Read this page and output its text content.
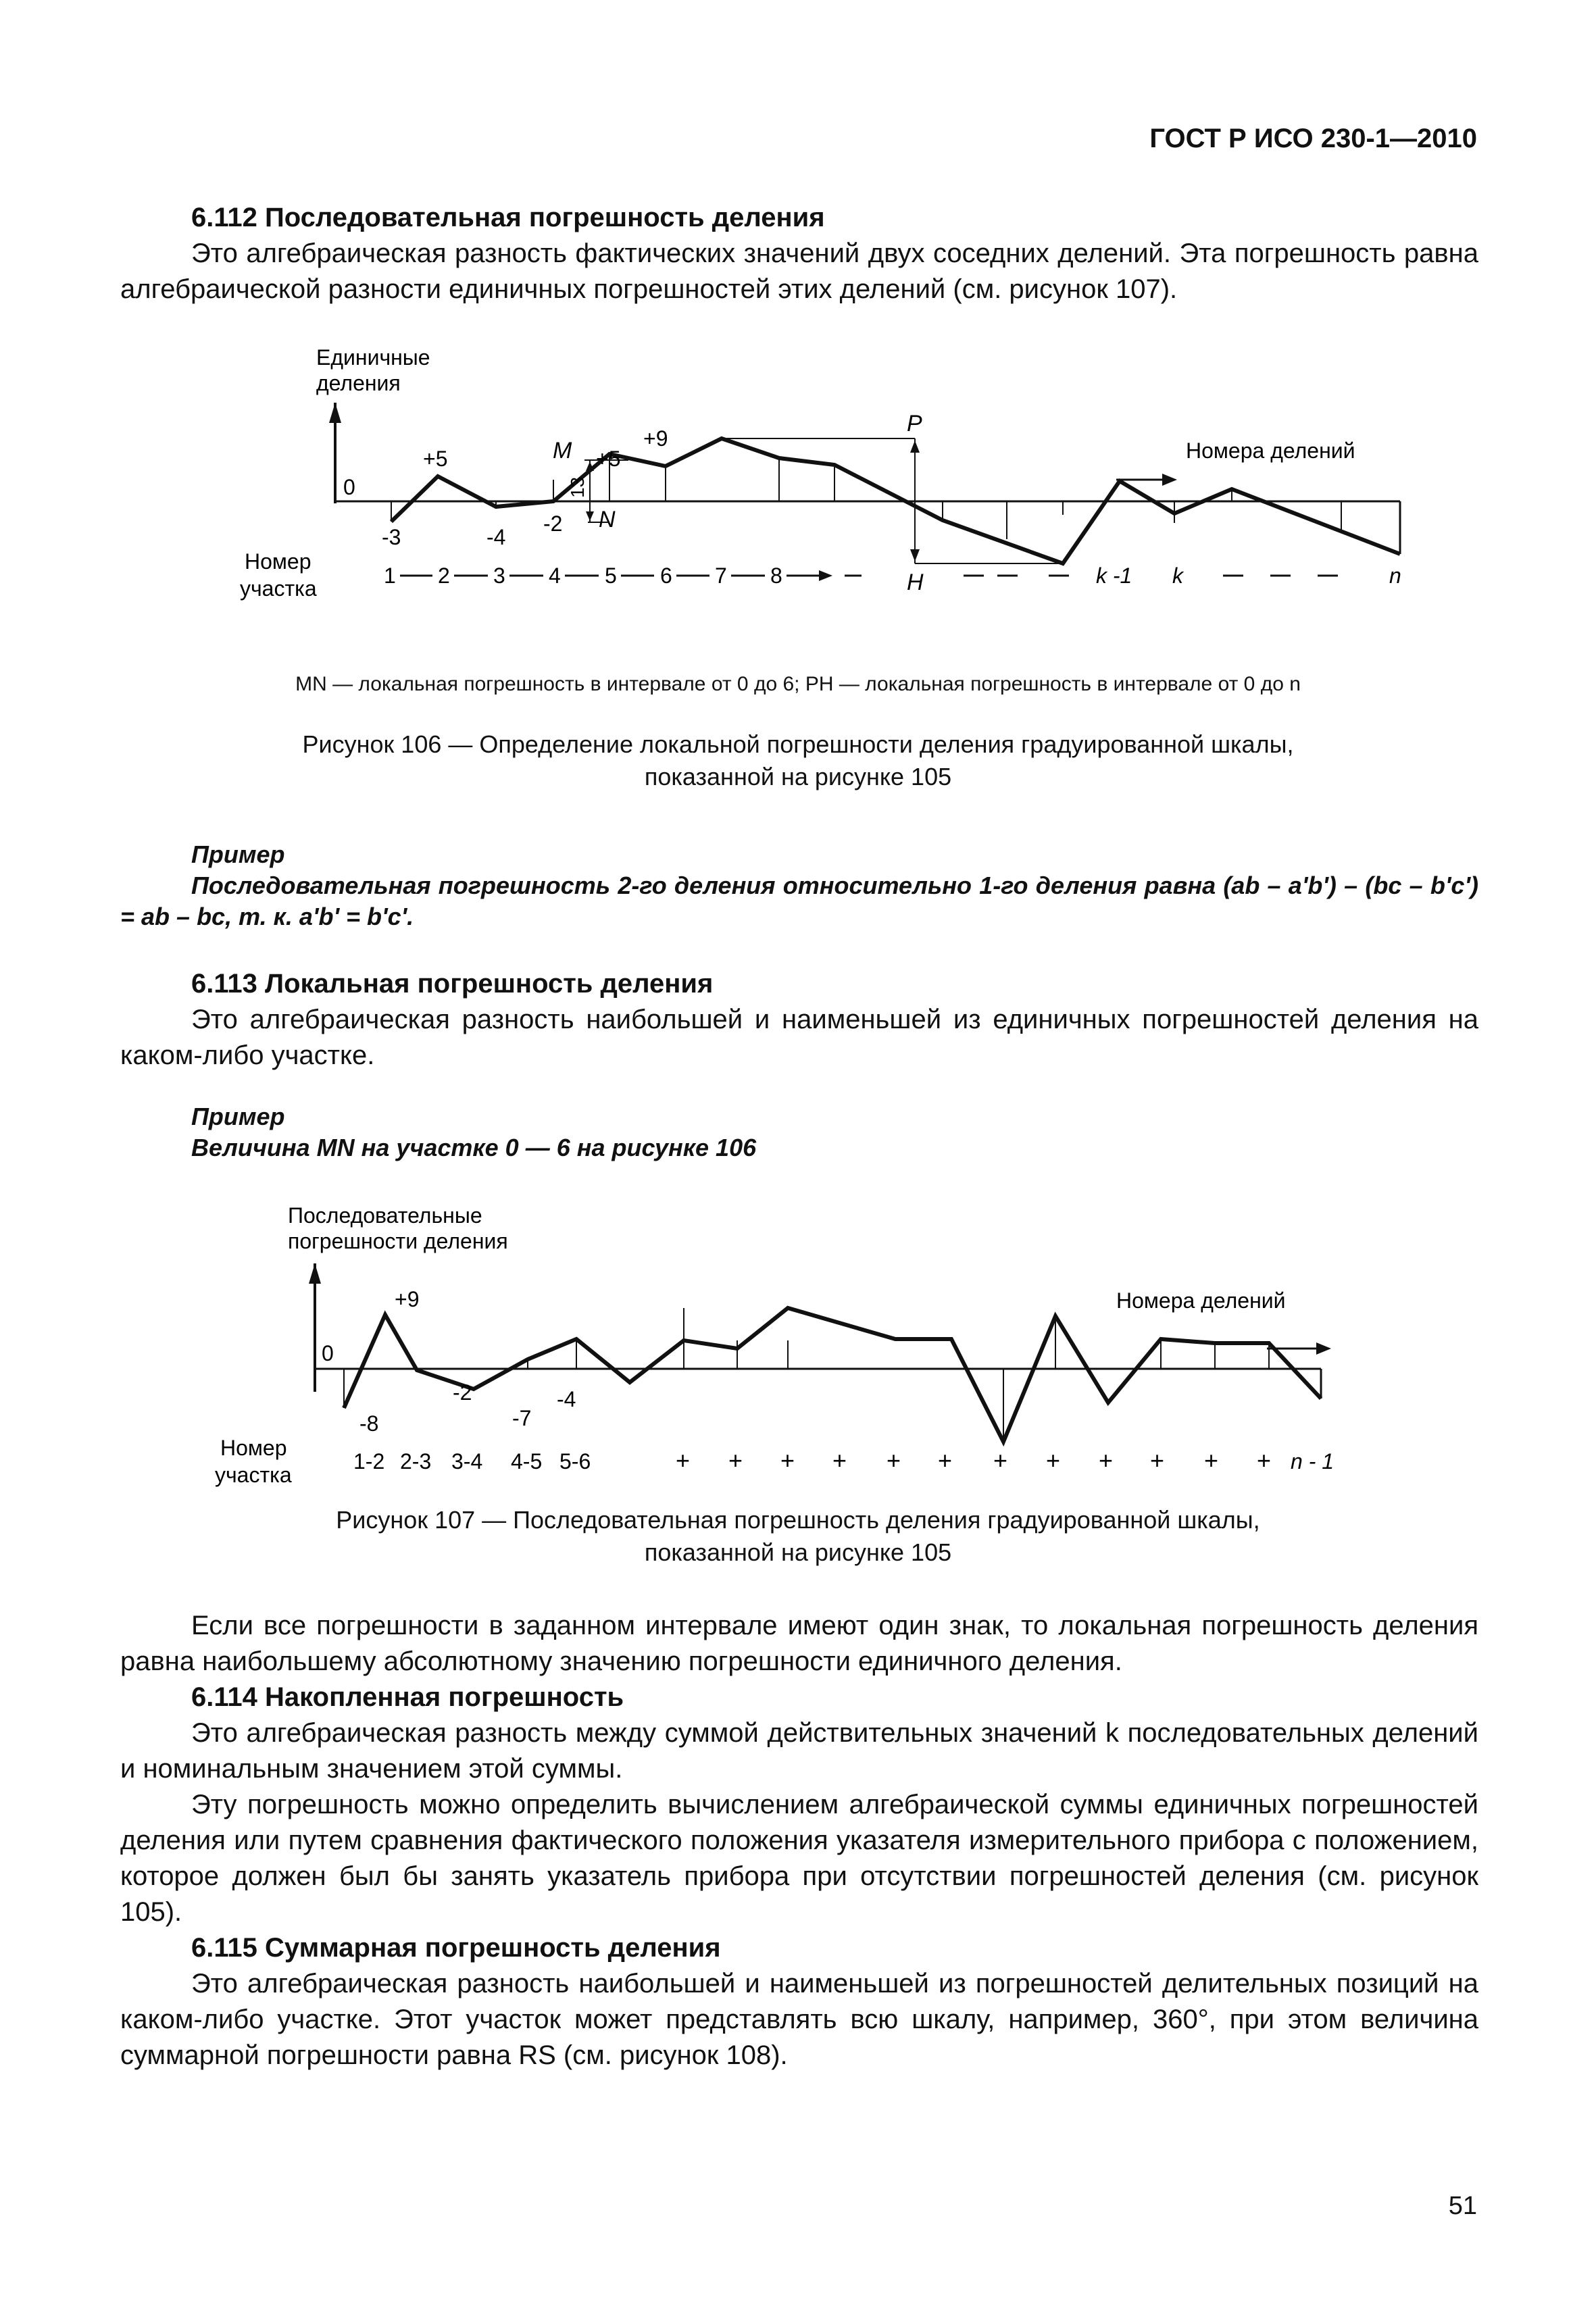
ГОСТ Р ИСО 230-1—2010
6.112 Последовательная погрешность деления

Это алгебраическая разность фактических значений двух соседних делений. Эта погрешность равна алгебраической разности единичных погрешностей этих делений (см. рисунок 107).

Единичные
деления
0
+5
-3	-4
-2
+5
+9
13
M
N
P
H
Номера делений
Номер
участка
1 2 3 4 5 6 7 8	k -1 k	n
MN — локальная погрешность в интервале от 0 до 6; PH — локальная погрешность в интервале от 0 до n
Рисунок 106 — Определение локальной погрешности деления градуированной шкалы,
показанной на рисунке 105
Пример
Последовательная погрешность 2-го деления относительно 1-го деления равна (ab – a'b') – (bc – b'c') = ab – bc, т. к. a'b' = b'c'.
6.113 Локальная погрешность деления

Это алгебраическая разность наибольшей и наименьшей из единичных погрешностей деления на каком-либо участке.

Пример
Величина MN на участке 0 — 6 на рисунке 106
Последовательные
погрешности деления
0
Номера делений
+9
-8
-2
-7
-4
Номер
участка
1-2 2-3 3-4 4-5 5-6	+ + + + + + + + + + + + n - 1
Рисунок 107 — Последовательная погрешность деления градуированной шкалы,
показанной на рисунке 105

Если все погрешности в заданном интервале имеют один знак, то локальная погрешность деления равна наибольшему абсолютному значению погрешности единичного деления.

6.114 Накопленная погрешность

Это алгебраическая разность между суммой действительных значений k последовательных делений и номинальным значением этой суммы.

Эту погрешность можно определить вычислением алгебраической суммы единичных погрешностей деления или путем сравнения фактического положения указателя измерительного прибора с положением, которое должен был бы занять указатель прибора при отсутствии погрешностей деления (см. рисунок 105).

6.115 Суммарная погрешность деления

Это алгебраическая разность наибольшей и наименьшей из погрешностей делительных позиций на каком-либо участке. Этот участок может представлять всю шкалу, например, 360°, при этом величина суммарной погрешности равна RS (см. рисунок 108).

51
